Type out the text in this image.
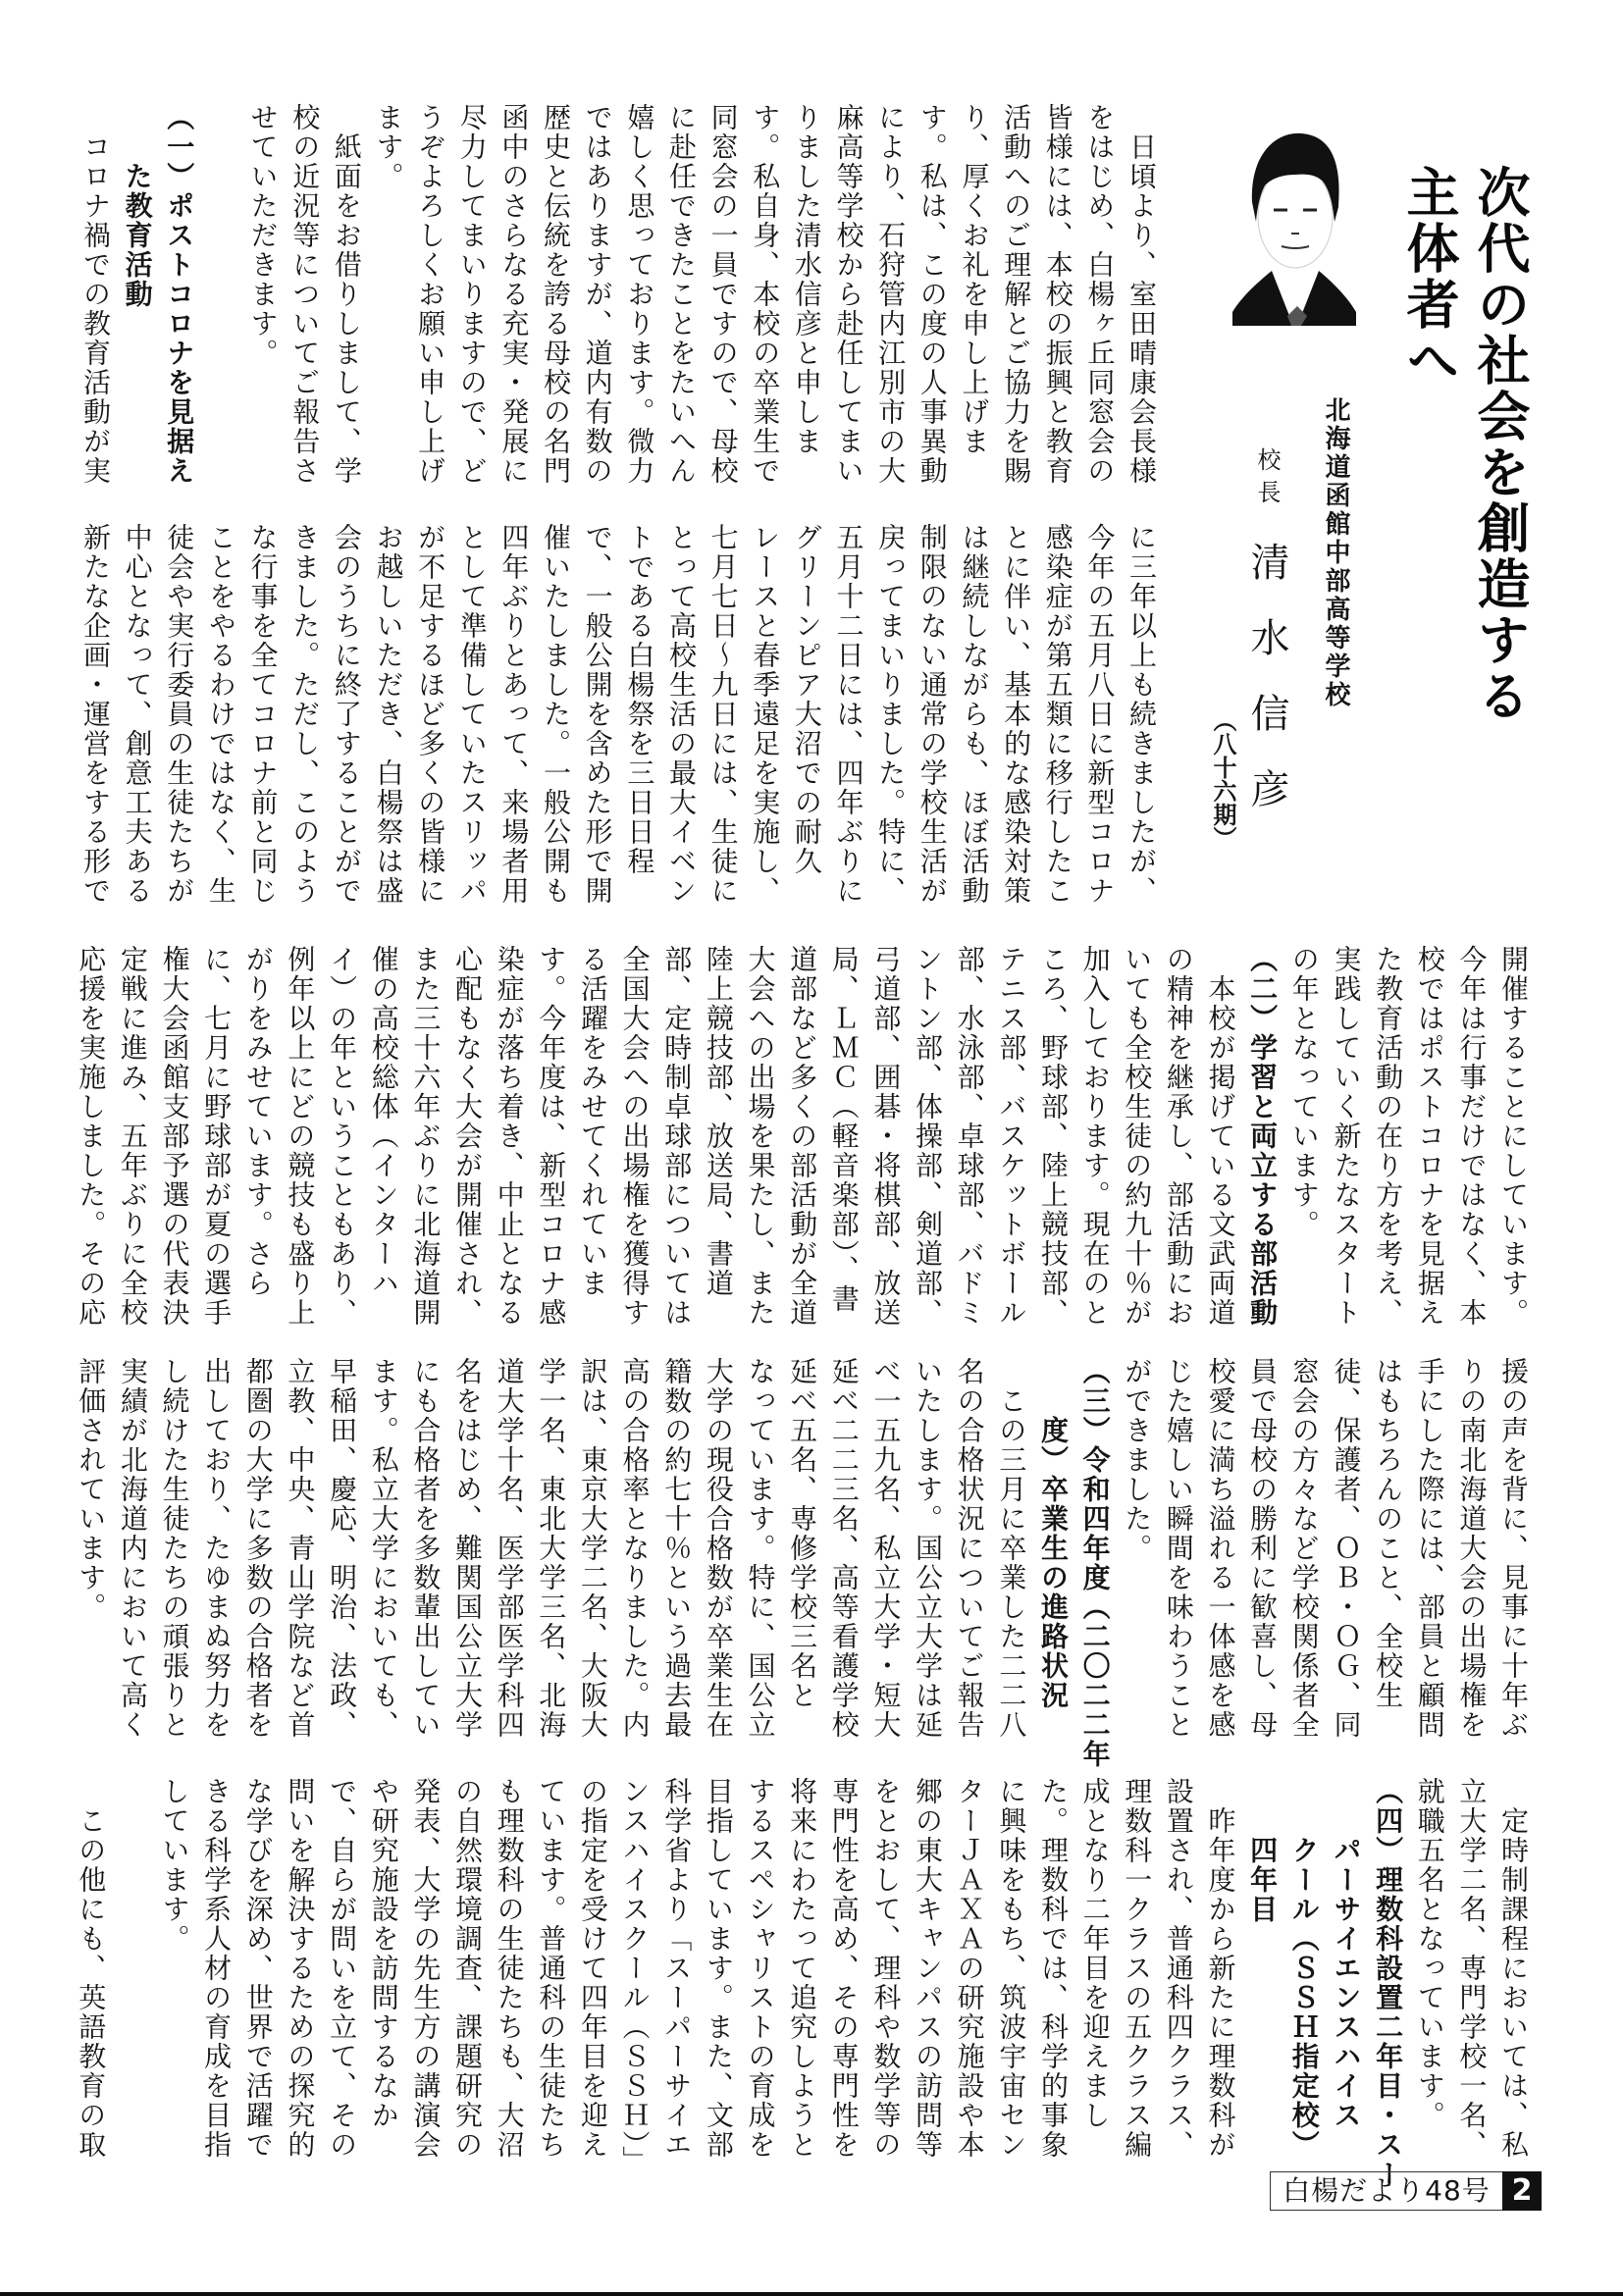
次代の社会を創造する
主体者へ
北海道函館中部高等学校
校長
清水信彦
（八十六期）
　日頃より、室田晴康会長様
をはじめ、白楊ヶ丘同窓会の
皆様には、本校の振興と教育
活動へのご理解とご協力を賜
り、厚くお礼を申し上げま
す。私は、この度の人事異動
により、石狩管内江別市の大
麻高等学校から赴任してまい
りました清水信彦と申しま
す。私自身、本校の卒業生で
同窓会の一員ですので、母校
に赴任できたことをたいへん
嬉しく思っております。微力
ではありますが、道内有数の
歴史と伝統を誇る母校の名門
函中のさらなる充実・発展に
尽力してまいりますので、ど
うぞよろしくお願い申し上げ
ます。
　紙面をお借りしまして、学
校の近況等についてご報告さ
せていただきます。
（一）ポストコロナを見据え
　　た教育活動
　コロナ禍での教育活動が実
に三年以上も続きましたが、
今年の五月八日に新型コロナ
感染症が第五類に移行したこ
とに伴い、基本的な感染対策
は継続しながらも、ほぼ活動
制限のない通常の学校生活が
戻ってまいりました。特に、
五月十二日には、四年ぶりに
グリーンピア大沼での耐久
レースと春季遠足を実施し、
七月七日～九日には、生徒に
とって高校生活の最大イベン
トである白楊祭を三日日程
で、一般公開を含めた形で開
催いたしました。一般公開も
四年ぶりとあって、来場者用
として準備していたスリッパ
が不足するほど多くの皆様に
お越しいただき、白楊祭は盛
会のうちに終了することがで
きました。ただし、このよう
な行事を全てコロナ前と同じ
ことをやるわけではなく、生
徒会や実行委員の生徒たちが
中心となって、創意工夫ある
新たな企画・運営をする形で
開催することにしています。
今年は行事だけではなく、本
校ではポストコロナを見据え
た教育活動の在り方を考え、
実践していく新たなスタート
の年となっています。
（二）学習と両立する部活動
　本校が掲げている文武両道
の精神を継承し、部活動にお
いても全校生徒の約九十％が
加入しております。現在のと
ころ、野球部、陸上競技部、
テニス部、バスケットボール
部、水泳部、卓球部、バドミ
ントン部、体操部、剣道部、
弓道部、囲碁・将棋部、放送
局、ＬＭＣ（軽音楽部）、書
道部など多くの部活動が全道
大会への出場を果たし、また
陸上競技部、放送局、書道
部、定時制卓球部については
全国大会への出場権を獲得す
る活躍をみせてくれていま
す。今年度は、新型コロナ感
染症が落ち着き、中止となる
心配もなく大会が開催され、
また三十六年ぶりに北海道開
催の高校総体（インターハ
イ）の年ということもあり、
例年以上にどの競技も盛り上
がりをみせています。さら
に、七月に野球部が夏の選手
権大会函館支部予選の代表決
定戦に進み、五年ぶりに全校
応援を実施しました。その応
援の声を背に、見事に十年ぶ
りの南北海道大会の出場権を
手にした際には、部員と顧問
はもちろんのこと、全校生
徒、保護者、ＯＢ・ＯＧ、同
窓会の方々など学校関係者全
員で母校の勝利に歓喜し、母
校愛に満ち溢れる一体感を感
じた嬉しい瞬間を味わうこと
ができました。
（三）令和四年度（二〇二二年
　　度）卒業生の進路状況
　この三月に卒業した二二八
名の合格状況についてご報告
いたします。国公立大学は延
べ一五九名、私立大学・短大
延べ二二三名、高等看護学校
延べ五名、専修学校三名と
なっています。特に、国公立
大学の現役合格数が卒業生在
籍数の約七十％という過去最
高の合格率となりました。内
訳は、東京大学二名、大阪大
学一名、東北大学三名、北海
道大学十名、医学部医学科四
名をはじめ、難関国公立大学
にも合格者を多数輩出してい
ます。私立大学においても、
早稲田、慶応、明治、法政、
立教、中央、青山学院など首
都圏の大学に多数の合格者を
出しており、たゆまぬ努力を
し続けた生徒たちの頑張りと
実績が北海道内において高く
評価されています。
　定時制課程においては、私
立大学二名、専門学校一名、
就職五名となっています。
（四）理数科設置二年目・スー
　　パーサイエンスハイス
　　クール（ＳＳＨ指定校）
　　四年目
　昨年度から新たに理数科が
設置され、普通科四クラス、
理数科一クラスの五クラス編
成となり二年目を迎えまし
た。理数科では、科学的事象
に興味をもち、筑波宇宙セン
ターＪＡＸＡの研究施設や本
郷の東大キャンパスの訪問等
をとおして、理科や数学等の
専門性を高め、その専門性を
将来にわたって追究しようと
するスペシャリストの育成を
目指しています。また、文部
科学省より「スーパーサイエ
ンスハイスクール（ＳＳＨ）」
の指定を受けて四年目を迎え
ています。普通科の生徒たち
も理数科の生徒たちも、大沼
の自然環境調査、課題研究の
発表、大学の先生方の講演会
や研究施設を訪問するなか
で、自らが問いを立て、その
問いを解決するための探究的
な学びを深め、世界で活躍で
きる科学系人材の育成を目指
しています。
　この他にも、英語教育の取
白楊だより48号 2
